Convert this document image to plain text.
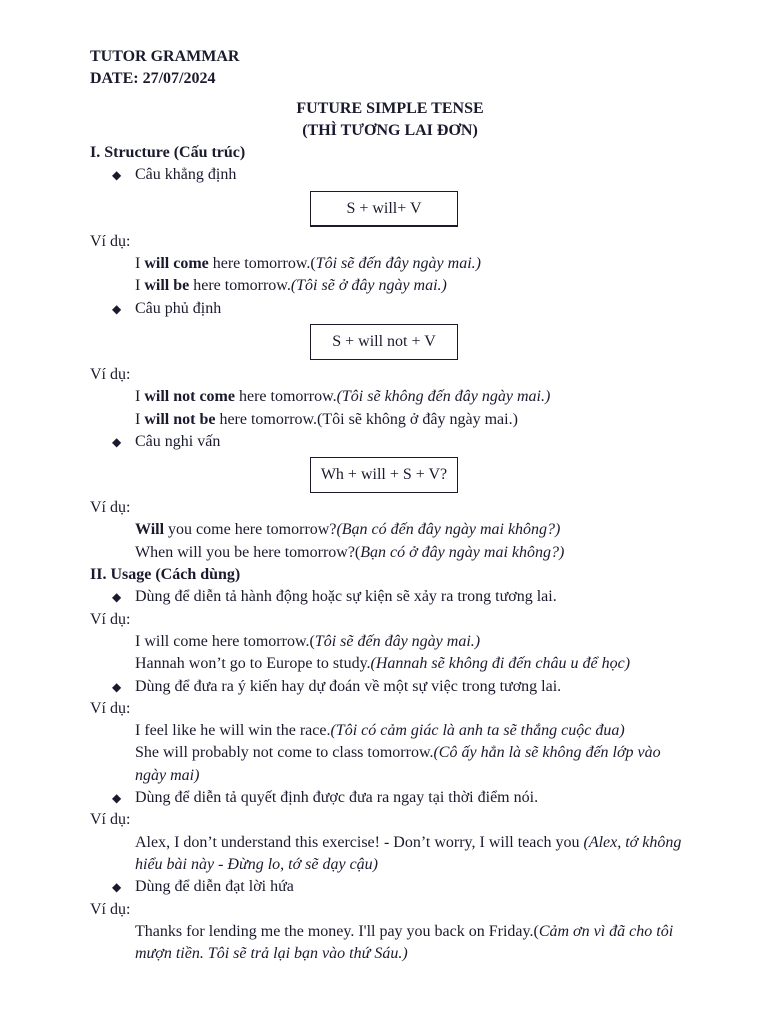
TUTOR GRAMMAR
DATE: 27/07/2024
FUTURE SIMPLE TENSE
(THÌ TƯƠNG LAI ĐƠN)
I. Structure (Cấu trúc)
◆ Câu khẳng định
S + will+ V
Ví dụ:
I will come here tomorrow.(Tôi sẽ đến đây ngày mai.)
I will be here tomorrow.(Tôi sẽ ở đây ngày mai.)
◆ Câu phủ định
S + will not + V
Ví dụ:
I will not come here tomorrow.(Tôi sẽ không đến đây ngày mai.)
I will not be here tomorrow.(Tôi sẽ không ở đây ngày mai.)
◆ Câu nghi vấn
Wh + will + S + V?
Ví dụ:
Will you come here tomorrow?(Bạn có đến đây ngày mai không?)
When will you be here tomorrow?(Bạn có ở đây ngày mai không?)
II. Usage (Cách dùng)
◆ Dùng để diễn tả hành động hoặc sự kiện sẽ xảy ra trong tương lai.
Ví dụ:
I will come here tomorrow.(Tôi sẽ đến đây ngày mai.)
Hannah won’t go to Europe to study.(Hannah sẽ không đi đến châu u để học)
◆ Dùng để đưa ra ý kiến hay dự đoán về một sự việc trong tương lai.
Ví dụ:
I feel like he will win the race.(Tôi có cảm giác là anh ta sẽ thắng cuộc đua)
She will probably not come to class tomorrow.(Cô ấy hẳn là sẽ không đến lớp vào ngày mai)
◆ Dùng để diễn tả quyết định được đưa ra ngay tại thời điểm nói.
Ví dụ:
Alex, I don’t understand this exercise! - Don’t worry, I will teach you (Alex, tớ không hiểu bài này - Đừng lo, tớ sẽ dạy cậu)
◆ Dùng để diễn đạt lời hứa
Ví dụ:
Thanks for lending me the money. I'll pay you back on Friday.(Cảm ơn vì đã cho tôi mượn tiền. Tôi sẽ trả lại bạn vào thứ Sáu.)
